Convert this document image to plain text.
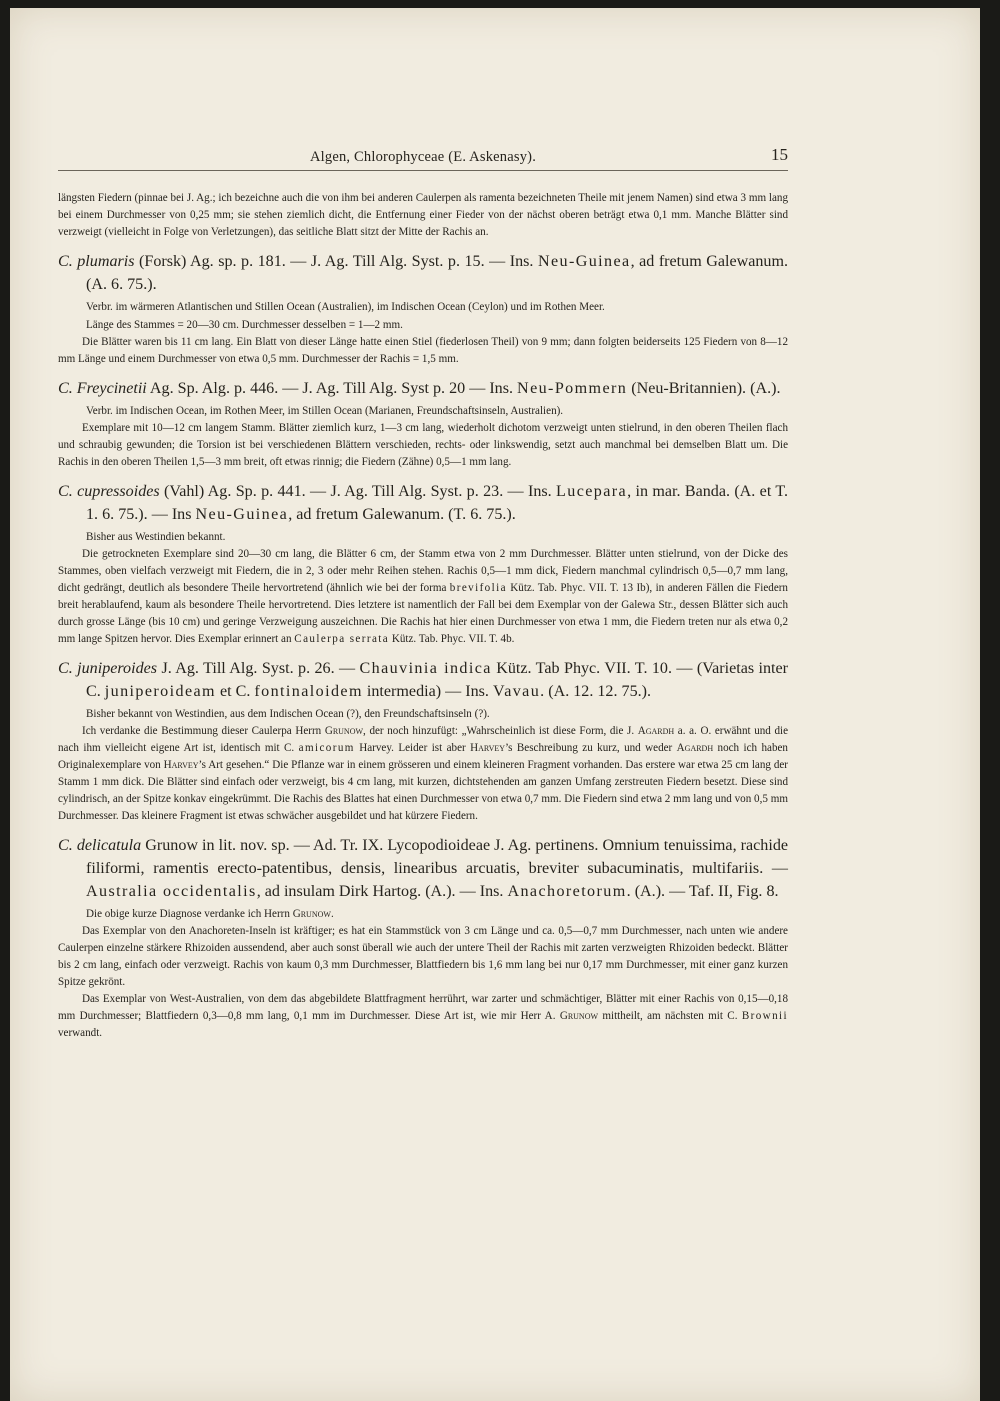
Algen, Chlorophyceae (E. Askenasy).	15

längsten Fiedern (pinnae bei J. Ag.; ich bezeichne auch die von ihm bei anderen Caulerpen als ramenta bezeichneten Theile mit jenem Namen) sind etwa 3 mm lang bei einem Durchmesser von 0,25 mm; sie stehen ziemlich dicht, die Entfernung einer Fieder von der nächst oberen beträgt etwa 0,1 mm. Manche Blätter sind verzweigt (vielleicht in Folge von Verletzungen), das seitliche Blatt sitzt der Mitte der Rachis an.

C. plumaris (Forsk) Ag. sp. p. 181. — J. Ag. Till Alg. Syst. p. 15. — Ins. Neu-Guinea, ad fretum Galewanum. (A. 6. 75.).

Verbr. im wärmeren Atlantischen und Stillen Ocean (Australien), im Indischen Ocean (Ceylon) und im Rothen Meer.

Länge des Stammes = 20—30 cm. Durchmesser desselben = 1—2 mm.

Die Blätter waren bis 11 cm lang. Ein Blatt von dieser Länge hatte einen Stiel (fiederlosen Theil) von 9 mm; dann folgten beiderseits 125 Fiedern von 8—12 mm Länge und einem Durchmesser von etwa 0,5 mm. Durchmesser der Rachis = 1,5 mm.

C. Freycinetii Ag. Sp. Alg. p. 446. — J. Ag. Till Alg. Syst p. 20 — Ins. Neu-Pommern (Neu-Britannien). (A.).

Verbr. im Indischen Ocean, im Rothen Meer, im Stillen Ocean (Marianen, Freundschaftsinseln, Australien).

Exemplare mit 10—12 cm langem Stamm. Blätter ziemlich kurz, 1—3 cm lang, wiederholt dichotom verzweigt unten stielrund, in den oberen Theilen flach und schraubig gewunden; die Torsion ist bei verschiedenen Blättern verschieden, rechts- oder linkswendig, setzt auch manchmal bei demselben Blatt um. Die Rachis in den oberen Theilen 1,5—3 mm breit, oft etwas rinnig; die Fiedern (Zähne) 0,5—1 mm lang.

C. cupressoides (Vahl) Ag. Sp. p. 441. — J. Ag. Till Alg. Syst. p. 23. — Ins. Lucepara, in mar. Banda. (A. et T. 1. 6. 75.). — Ins Neu-Guinea, ad fretum Galewanum. (T. 6. 75.).

Bisher aus Westindien bekannt.

Die getrockneten Exemplare sind 20—30 cm lang, die Blätter 6 cm, der Stamm etwa von 2 mm Durchmesser. Blätter unten stielrund, von der Dicke des Stammes, oben vielfach verzweigt mit Fiedern, die in 2, 3 oder mehr Reihen stehen. Rachis 0,5—1 mm dick, Fiedern manchmal cylindrisch 0,5—0,7 mm lang, dicht gedrängt, deutlich als besondere Theile hervortretend (ähnlich wie bei der forma brevifolia Kütz. Tab. Phyc. VII. T. 13 Ib), in anderen Fällen die Fiedern breit herablaufend, kaum als besondere Theile hervortretend. Dies letztere ist namentlich der Fall bei dem Exemplar von der Galewa Str., dessen Blätter sich auch durch grosse Länge (bis 10 cm) und geringe Verzweigung auszeichnen. Die Rachis hat hier einen Durchmesser von etwa 1 mm, die Fiedern treten nur als etwa 0,2 mm lange Spitzen hervor. Dies Exemplar erinnert an Caulerpa serrata Kütz. Tab. Phyc. VII. T. 4b.

C. juniperoides J. Ag. Till Alg. Syst. p. 26. — Chauvinia indica Kütz. Tab Phyc. VII. T. 10. — (Varietas inter C. juniperoideam et C. fontinaloidem intermedia) — Ins. Vavau. (A. 12. 12. 75.).

Bisher bekannt von Westindien, aus dem Indischen Ocean (?), den Freundschaftsinseln (?).

Ich verdanke die Bestimmung dieser Caulerpa Herrn Grunow, der noch hinzufügt: „Wahrscheinlich ist diese Form, die J. Agardh a. a. O. erwähnt und die nach ihm vielleicht eigene Art ist, identisch mit C. amicorum Harvey. Leider ist aber Harvey’s Beschreibung zu kurz, und weder Agardh noch ich haben Originalexemplare von Harvey’s Art gesehen.“ Die Pflanze war in einem grösseren und einem kleineren Fragment vorhanden. Das erstere war etwa 25 cm lang der Stamm 1 mm dick. Die Blätter sind einfach oder verzweigt, bis 4 cm lang, mit kurzen, dichtstehenden am ganzen Umfang zerstreuten Fiedern besetzt. Diese sind cylindrisch, an der Spitze konkav eingekrümmt. Die Rachis des Blattes hat einen Durchmesser von etwa 0,7 mm. Die Fiedern sind etwa 2 mm lang und von 0,5 mm Durchmesser. Das kleinere Fragment ist etwas schwächer ausgebildet und hat kürzere Fiedern.

C. delicatula Grunow in lit. nov. sp. — Ad. Tr. IX. Lycopodioideae J. Ag. pertinens. Omnium tenuissima, rachide filiformi, ramentis erecto-patentibus, densis, linearibus arcuatis, breviter subacuminatis, multifariis. — Australia occidentalis, ad insulam Dirk Hartog. (A.). — Ins. Anachoretorum. (A.). — Taf. II, Fig. 8.

Die obige kurze Diagnose verdanke ich Herrn Grunow.

Das Exemplar von den Anachoreten-Inseln ist kräftiger; es hat ein Stammstück von 3 cm Länge und ca. 0,5—0,7 mm Durchmesser, nach unten wie andere Caulerpen einzelne stärkere Rhizoiden aussendend, aber auch sonst überall wie auch der untere Theil der Rachis mit zarten verzweigten Rhizoiden bedeckt. Blätter bis 2 cm lang, einfach oder verzweigt. Rachis von kaum 0,3 mm Durchmesser, Blattfiedern bis 1,6 mm lang bei nur 0,17 mm Durchmesser, mit einer ganz kurzen Spitze gekrönt.

Das Exemplar von West-Australien, von dem das abgebildete Blattfragment herrührt, war zarter und schmächtiger, Blätter mit einer Rachis von 0,15—0,18 mm Durchmesser; Blattfiedern 0,3—0,8 mm lang, 0,1 mm im Durchmesser. Diese Art ist, wie mir Herr A. Grunow mittheilt, am nächsten mit C. Brownii verwandt.
